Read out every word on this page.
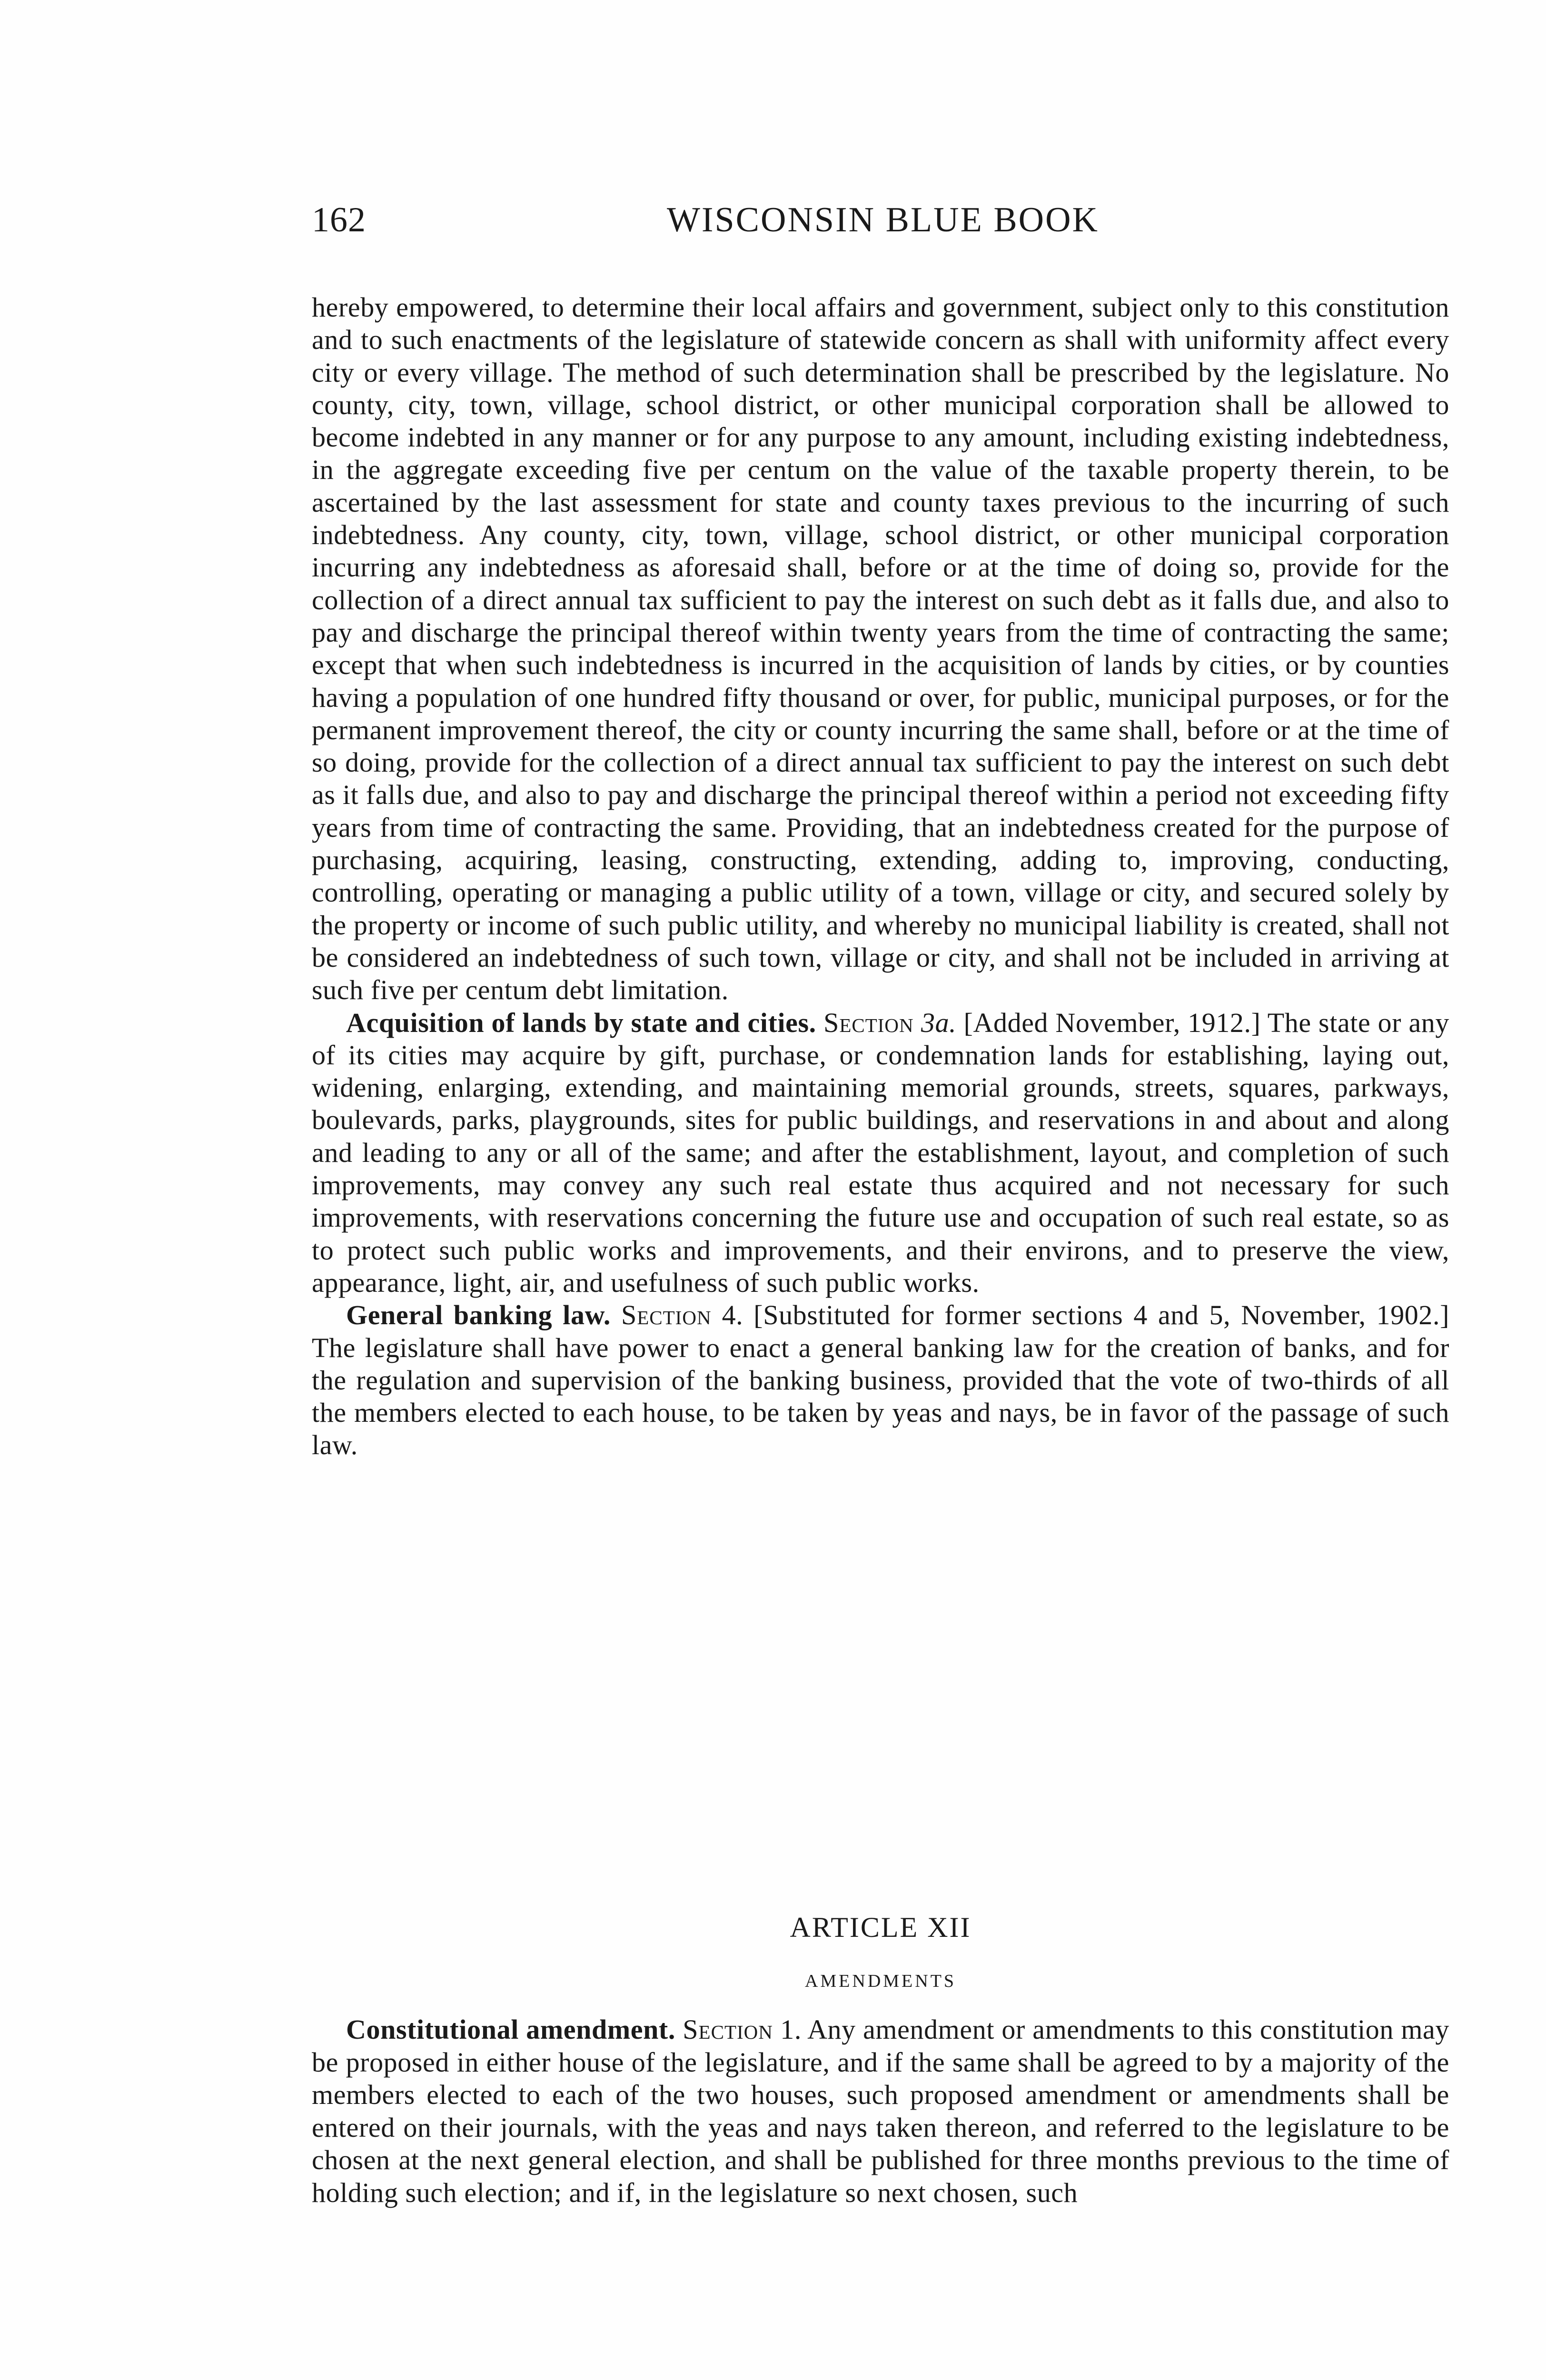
162	WISCONSIN BLUE BOOK

hereby empowered, to determine their local affairs and government, subject only to this constitution and to such enactments of the legislature of statewide concern as shall with uniformity affect every city or every village. The method of such determination shall be prescribed by the legislature. No county, city, town, village, school district, or other municipal corporation shall be allowed to become indebted in any manner or for any purpose to any amount, including existing indebtedness, in the aggregate exceeding five per centum on the value of the taxable property therein, to be ascertained by the last assessment for state and county taxes previous to the incurring of such indebtedness. Any county, city, town, village, school district, or other municipal corporation incurring any indebtedness as aforesaid shall, before or at the time of doing so, provide for the collection of a direct annual tax sufficient to pay the interest on such debt as it falls due, and also to pay and discharge the principal thereof within twenty years from the time of contracting the same; except that when such indebtedness is incurred in the acquisition of lands by cities, or by counties having a population of one hundred fifty thousand or over, for public, municipal purposes, or for the permanent improvement thereof, the city or county incurring the same shall, before or at the time of so doing, provide for the collection of a direct annual tax sufficient to pay the interest on such debt as it falls due, and also to pay and discharge the principal thereof within a period not exceeding fifty years from time of contracting the same. Providing, that an indebtedness created for the purpose of purchasing, acquiring, leasing, constructing, extending, adding to, improving, conducting, controlling, operating or managing a public utility of a town, village or city, and secured solely by the property or income of such public utility, and whereby no municipal liability is created, shall not be considered an indebtedness of such town, village or city, and shall not be included in arriving at such five per centum debt limitation.

Acquisition of lands by state and cities. Section 3a. [Added November, 1912.] The state or any of its cities may acquire by gift, purchase, or condemnation lands for establishing, laying out, widening, enlarging, extending, and maintaining memorial grounds, streets, squares, parkways, boulevards, parks, playgrounds, sites for public buildings, and reservations in and about and along and leading to any or all of the same; and after the establishment, layout, and completion of such improvements, may convey any such real estate thus acquired and not necessary for such improvements, with reservations concerning the future use and occupation of such real estate, so as to protect such public works and improvements, and their environs, and to preserve the view, appearance, light, air, and usefulness of such public works.

General banking law. Section 4. [Substituted for former sections 4 and 5, November, 1902.] The legislature shall have power to enact a general banking law for the creation of banks, and for the regulation and supervision of the banking business, provided that the vote of two-thirds of all the members elected to each house, to be taken by yeas and nays, be in favor of the passage of such law.

ARTICLE XII
AMENDMENTS

Constitutional amendment. Section 1. Any amendment or amendments to this constitution may be proposed in either house of the legislature, and if the same shall be agreed to by a majority of the members elected to each of the two houses, such proposed amendment or amendments shall be entered on their journals, with the yeas and nays taken thereon, and referred to the legislature to be chosen at the next general election, and shall be published for three months previous to the time of holding such election; and if, in the legislature so next chosen, such
